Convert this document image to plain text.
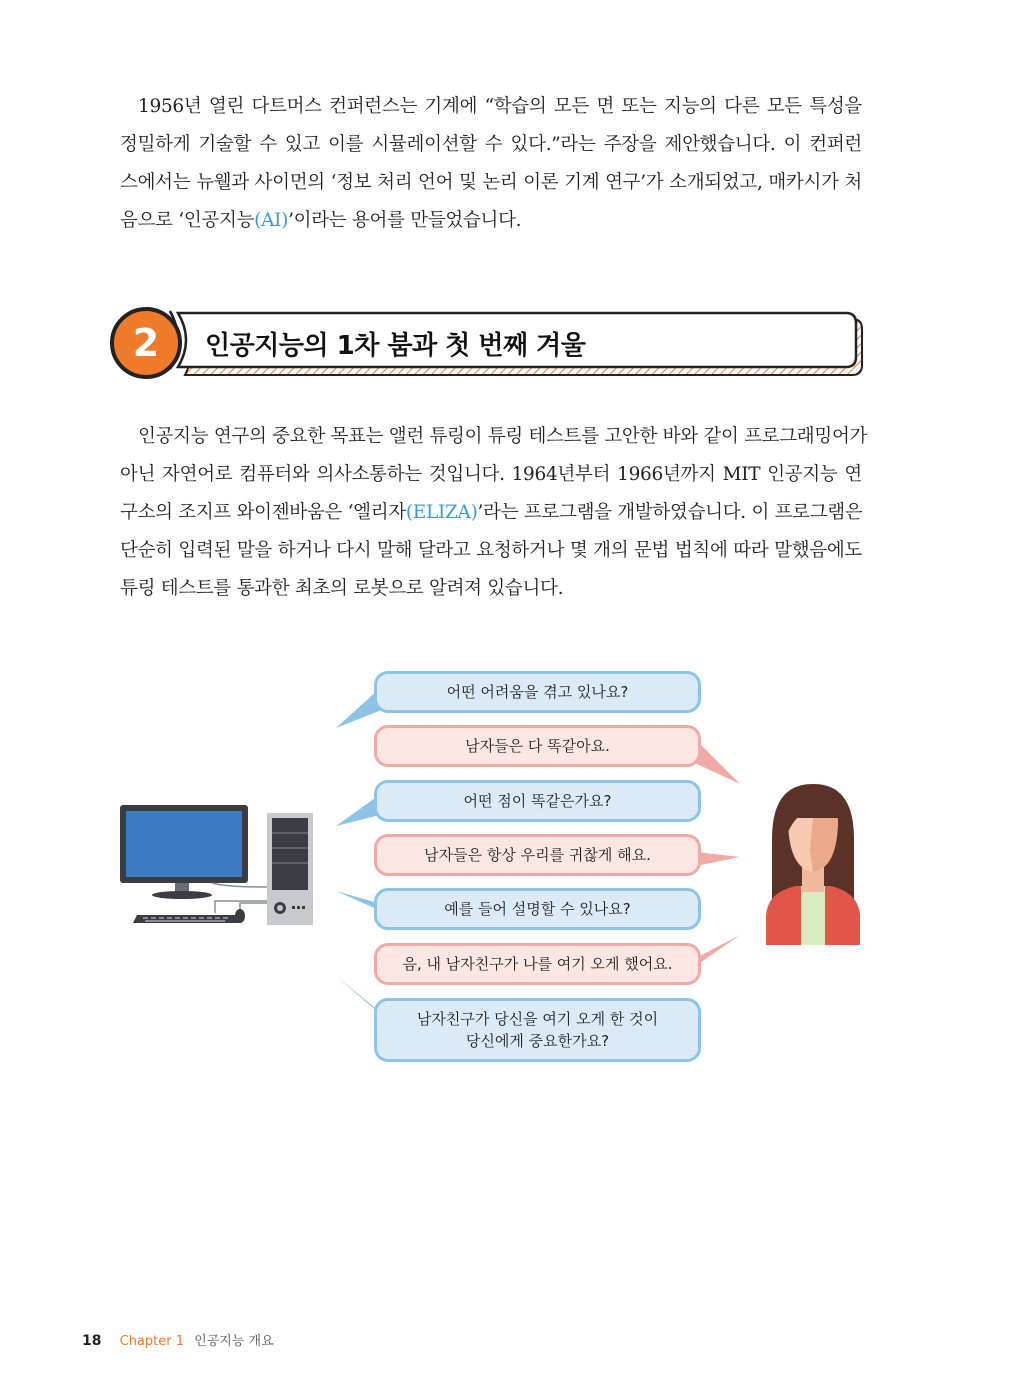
1956년 열린 다트머스 컨퍼런스는 기계에 “학습의 모든 면 또는 지능의 다른 모든 특성을
정밀하게 기술할 수 있고 이를 시뮬레이션할 수 있다.”라는 주장을 제안했습니다. 이 컨퍼런
스에서는 뉴웰과 사이먼의 ‘정보 처리 언어 및 논리 이론 기계 연구’가 소개되었고, 매카시가 처
음으로 ‘인공지능(AI)’이라는 용어를 만들었습니다.
2	인공지능의 1차 붐과 첫 번째 겨울
인공지능 연구의 중요한 목표는 앨런 튜링이 튜링 테스트를 고안한 바와 같이 프로그래밍어가
아닌 자연어로 컴퓨터와 의사소통하는 것입니다. 1964년부터 1966년까지 MIT 인공지능 연
구소의 조지프 와이젠바움은 ‘엘리자(ELIZA)’라는 프로그램을 개발하였습니다. 이 프로그램은
단순히 입력된 말을 하거나 다시 말해 달라고 요청하거나 몇 개의 문법 법칙에 따라 말했음에도
튜링 테스트를 통과한 최초의 로봇으로 알려져 있습니다.
어떤 어려움을 겪고 있나요?
남자들은 다 똑같아요.
어떤 점이 똑같은가요?
남자들은 항상 우리를 귀찮게 해요.
예를 들어 설명할 수 있나요?
음, 내 남자친구가 나를 여기 오게 했어요.
남자친구가 당신을 여기 오게 한 것이
당신에게 중요한가요?
18 Chapter 1 인공지능 개요
